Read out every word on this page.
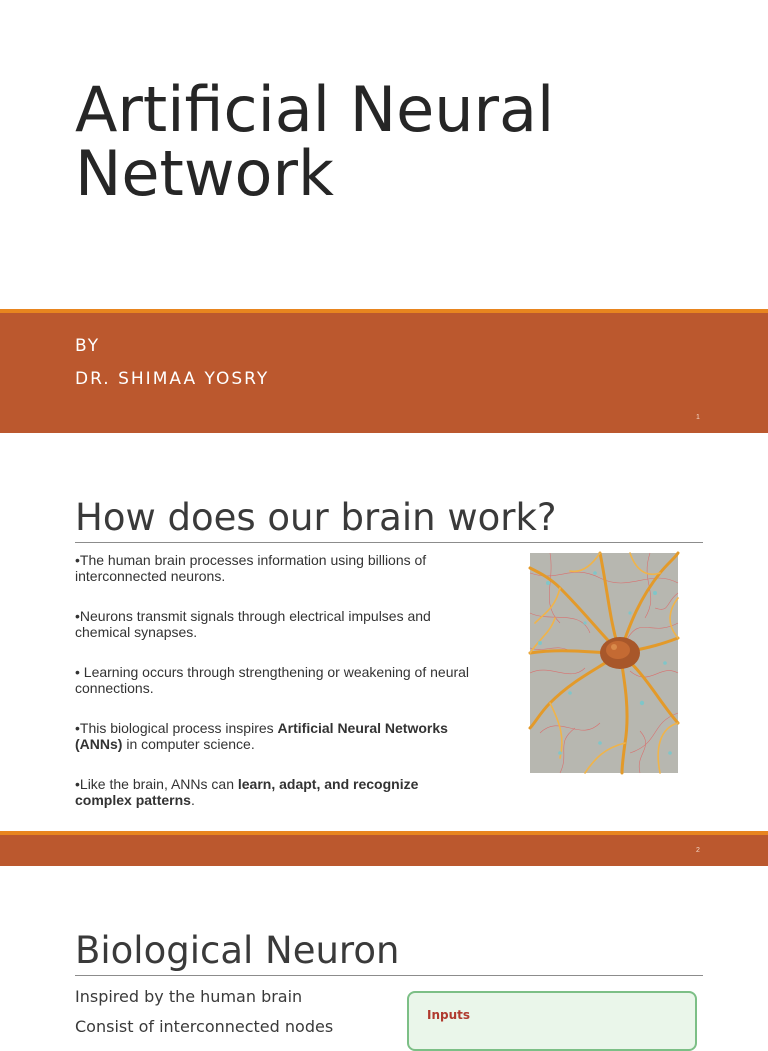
Artificial Neural
Network
BY
DR. SHIMAA YOSRY
1
How does our brain work?
•The human brain processes information using billions of interconnected neurons.
•Neurons transmit signals through electrical impulses and chemical synapses.
• Learning occurs through strengthening or weakening of neural connections.
•This biological process inspires Artificial Neural Networks (ANNs) in computer science.
•Like the brain, ANNs can learn, adapt, and recognize complex patterns.
2
Biological Neuron
Inspired by the human brain
Consist of interconnected nodes
Inputs
